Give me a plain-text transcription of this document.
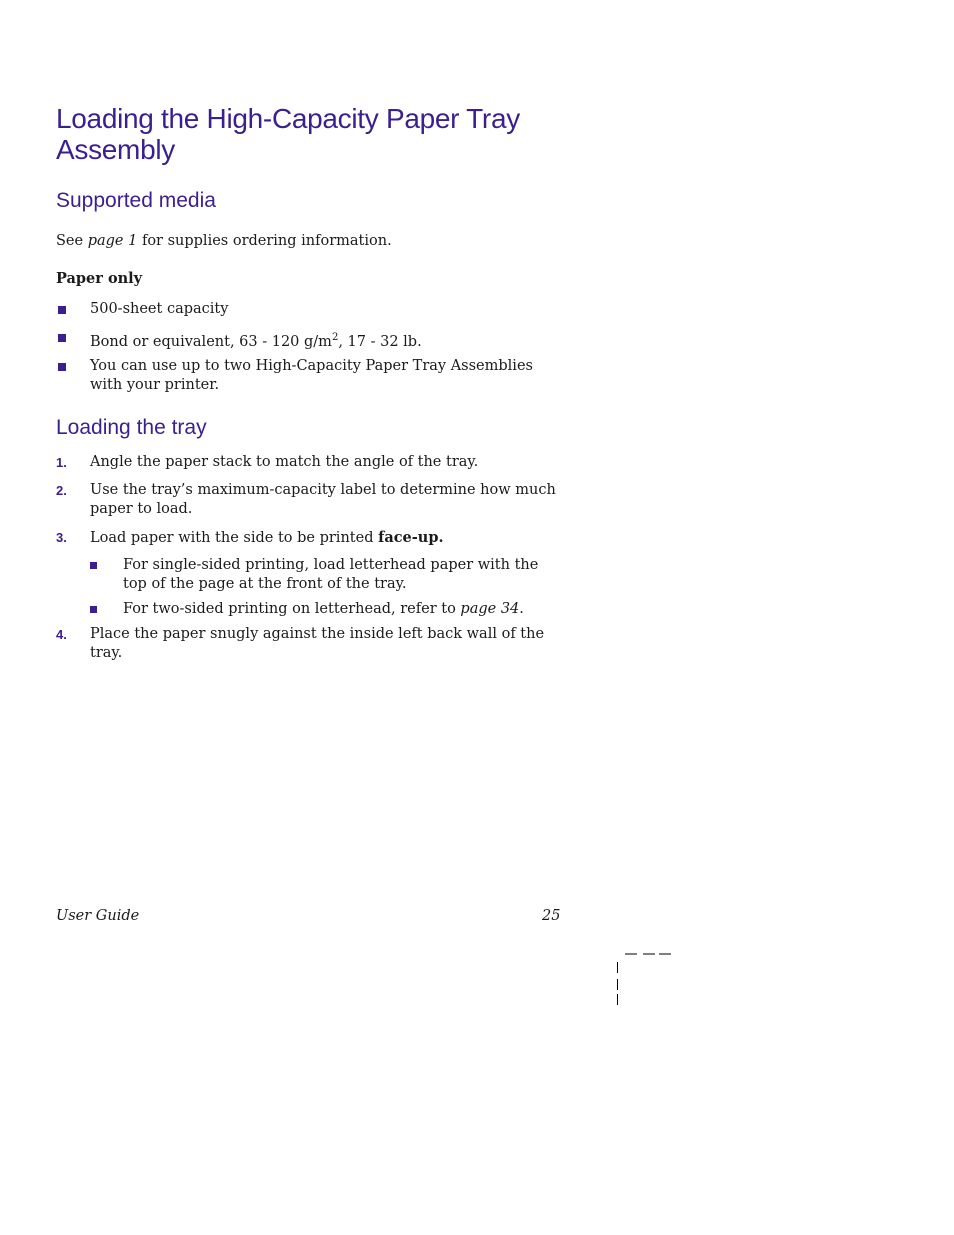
Loading the High-Capacity Paper Tray Assembly
Supported media

See page 1 for supplies ordering information.

Paper only

500-sheet capacity
Bond or equivalent, 63 - 120 $g/m^2$, 17 - 32 lb.
You can use up to two High-Capacity Paper Tray Assemblies with your printer.
Loading the tray
1. Angle the paper stack to match the angle of the tray.
2. Use the tray’s maximum-capacity label to determine how much paper to load.
3. Load paper with the side to be printed face-up.
For single-sided printing, load letterhead paper with the top of the page at the front of the tray.
For two-sided printing on letterhead, refer to page 34.
4. Place the paper snugly against the inside left back wall of the tray.

User Guide	25
